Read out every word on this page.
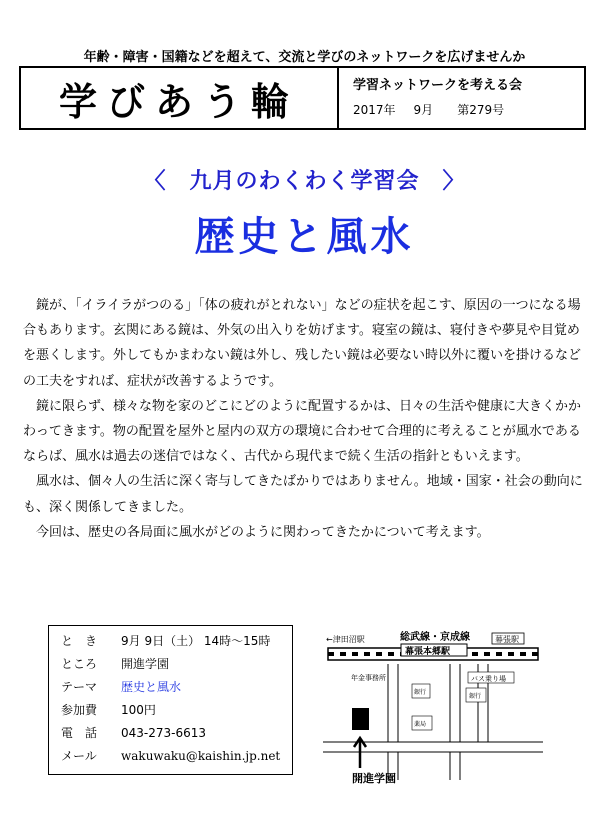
年齢・障害・国籍などを超えて、交流と学びのネットワークを広げませんか
学びあう輪	学習ネットワークを考える会
2017年 9月 第279号
〈　九月のわくわく学習会　〉
歴史と風水

鏡が、「イライラがつのる」「体の疲れがとれない」などの症状を起こす、原因の一つになる場合もあります。玄関にある鏡は、外気の出入りを妨げます。寝室の鏡は、寝付きや夢見や目覚めを悪くします。外してもかまわない鏡は外し、残したい鏡は必要ない時以外に覆いを掛けるなどの工夫をすれば、症状が改善するようです。

鏡に限らず、様々な物を家のどこにどのように配置するかは、日々の生活や健康に大きくかかわってきます。物の配置を屋外と屋内の双方の環境に合わせて合理的に考えることが風水であるならば、風水は過去の迷信ではなく、古代から現代まで続く生活の指針ともいえます。

風水は、個々人の生活に深く寄与してきたばかりではありません。地域・国家・社会の動向にも、深く関係してきました。

今回は、歴史の各局面に風水がどのように関わってきたかについて考えます。

と　き	9月 9日（土） 14時～15時
ところ	開進学園
テーマ	歴史と風水
参加費	100円
電　話	043-273-6613
メール	wakuwaku@kaishin.jp.net
←津田沼駅	総武線・京成線	幕張駅
幕張本郷駅
年金事務所	バス乗り場
銀行
銀行
薬局
開進学園
